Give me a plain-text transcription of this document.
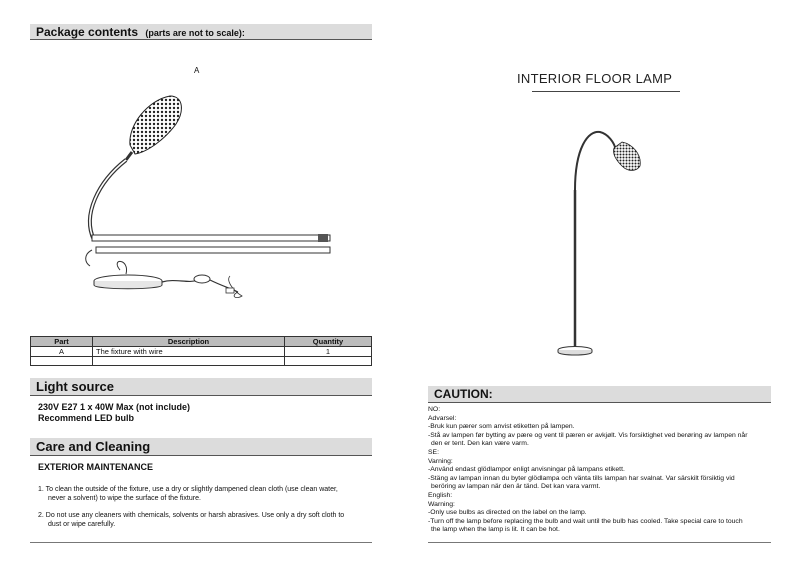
Package contents (parts are not to scale):
A
Part	Description	Quantity
A	The fixture with wire	1

Light source
230V E27 1 x 40W Max (not include)
Recommend LED bulb
Care and Cleaning
EXTERIOR MAINTENANCE
1. To clean the outside of the fixture, use a dry or slightly dampened clean cloth (use clean water,
never a solvent) to wipe the surface of the fixture.
2. Do not use any cleaners with chemicals, solvents or harsh abrasives. Use only a dry soft cloth to
dust or wipe carefully.
INTERIOR FLOOR LAMP
CAUTION:
NO:
Advarsel:
-Bruk kun pærer som anvist etiketten på lampen.
-Stå av lampen før bytting av pære og vent til pæren er avkjølt. Vis forsiktighet ved berøring av lampen når
den er tent. Den kan være varm.
SE:
Varning:
-Använd endast glödlampor enligt anvisningar på lampans etikett.
-Stäng av lampan innan du byter glödlampa och vänta tills lampan har svalnat. Var särskilt försiktig vid
beröring av lampan när den är tänd. Det kan vara varmt.
English:
Warning:
-Only use bulbs as directed on the label on the lamp.
-Turn off the lamp before replacing the bulb and wait until the bulb has cooled. Take special care to touch
the lamp when the lamp is lit. It can be hot.
